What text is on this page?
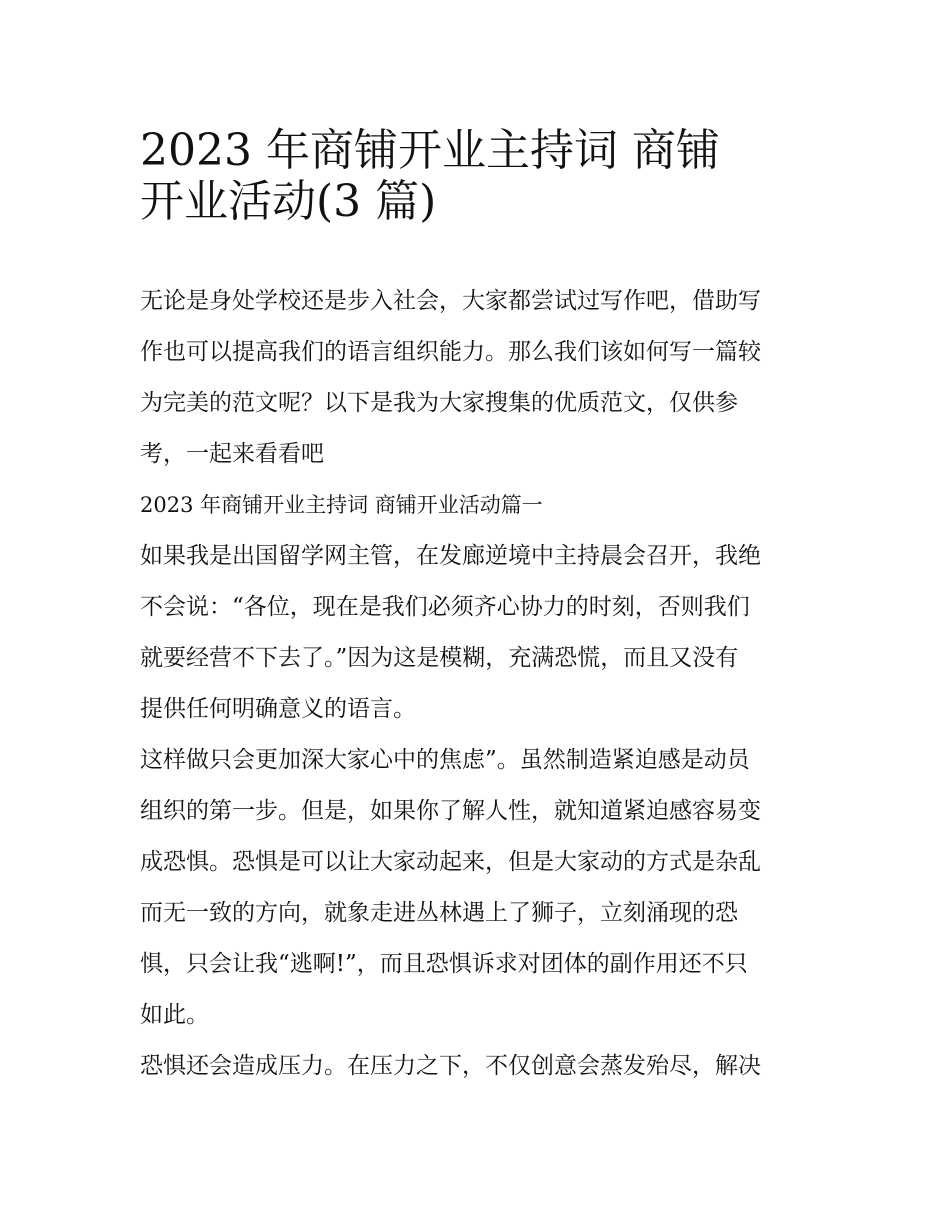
2023 年商铺开业主持词 商铺
开业活动(3 篇)
无论是身处学校还是步入社会，大家都尝试过写作吧，借助写
作也可以提高我们的语言组织能力。那么我们该如何写一篇较
为完美的范文呢？以下是我为大家搜集的优质范文，仅供参
考，一起来看看吧
2023 年商铺开业主持词 商铺开业活动篇一
如果我是出国留学网主管，在发廊逆境中主持晨会召开，我绝
不会说：“各位，现在是我们必须齐心协力的时刻，否则我们
就要经营不下去了。”因为这是模糊，充满恐慌，而且又没有
提供任何明确意义的语言。
这样做只会更加深大家心中的焦虑”。虽然制造紧迫感是动员
组织的第一步。但是，如果你了解人性，就知道紧迫感容易变
成恐惧。恐惧是可以让大家动起来，但是大家动的方式是杂乱
而无一致的方向，就象走进丛林遇上了狮子，立刻涌现的恐
惧，只会让我“逃啊!”，而且恐惧诉求对团体的副作用还不只
如此。
恐惧还会造成压力。在压力之下，不仅创意会蒸发殆尽，解决
